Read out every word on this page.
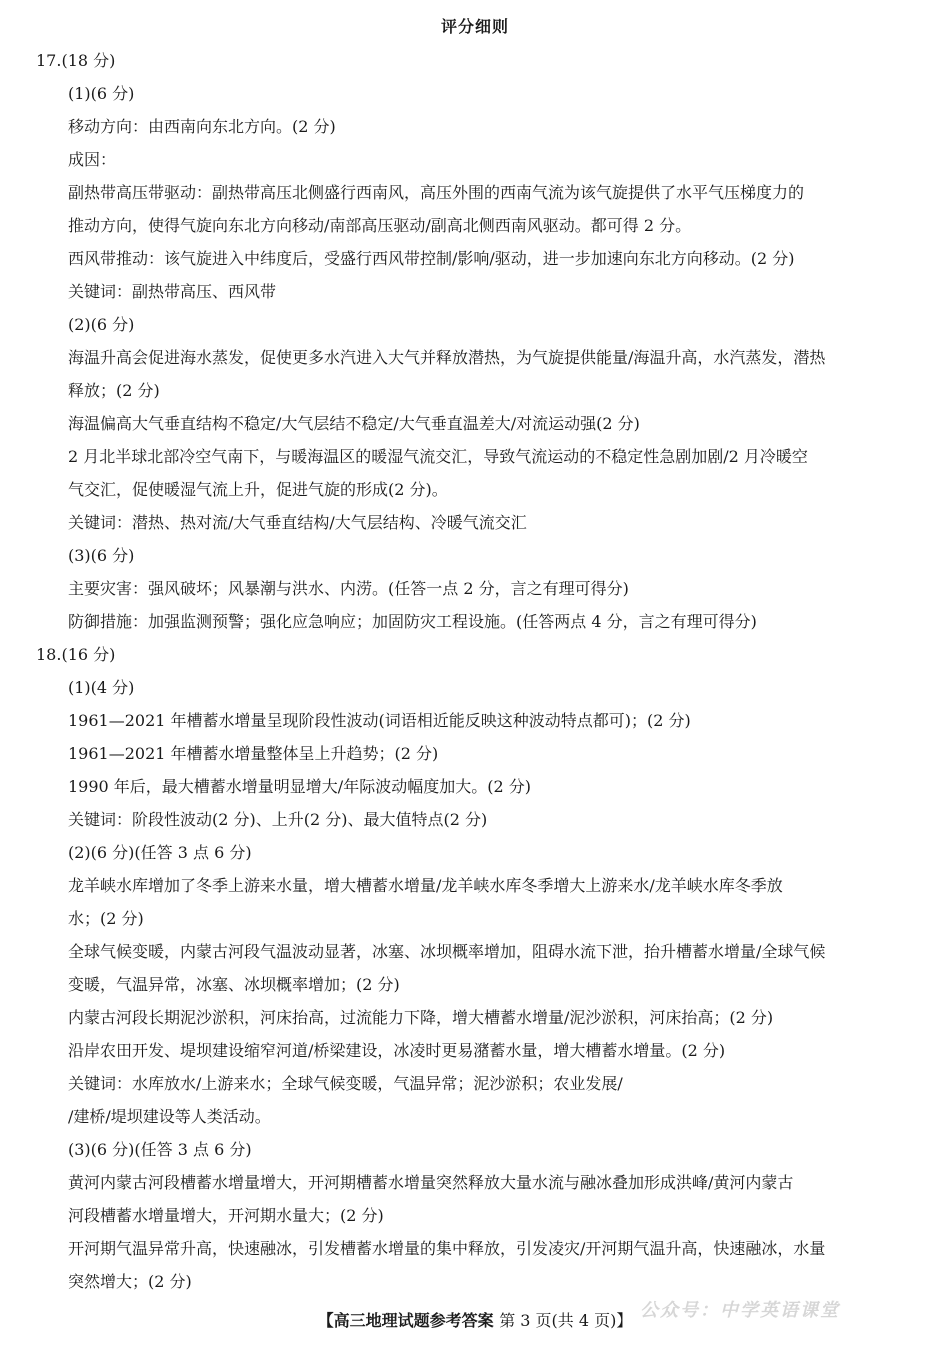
评分细则
17.(18 分)
(1)(6 分)
移动方向：由西南向东北方向。(2 分)
成因：
副热带高压带驱动：副热带高压北侧盛行西南风，高压外围的西南气流为该气旋提供了水平气压梯度力的
推动方向，使得气旋向东北方向移动/南部高压驱动/副高北侧西南风驱动。都可得 2 分。
西风带推动：该气旋进入中纬度后，受盛行西风带控制/影响/驱动，进一步加速向东北方向移动。(2 分)
关键词：副热带高压、西风带
(2)(6 分)
海温升高会促进海水蒸发，促使更多水汽进入大气并释放潜热，为气旋提供能量/海温升高，水汽蒸发，潜热
释放；(2 分)
海温偏高大气垂直结构不稳定/大气层结不稳定/大气垂直温差大/对流运动强(2 分)
2 月北半球北部冷空气南下，与暖海温区的暖湿气流交汇，导致气流运动的不稳定性急剧加剧/2 月冷暖空
气交汇，促使暖湿气流上升，促进气旋的形成(2 分)。
关键词：潜热、热对流/大气垂直结构/大气层结构、冷暖气流交汇
(3)(6 分)
主要灾害：强风破坏；风暴潮与洪水、内涝。(任答一点 2 分，言之有理可得分)
防御措施：加强监测预警；强化应急响应；加固防灾工程设施。(任答两点 4 分，言之有理可得分)
18.(16 分)
(1)(4 分)
1961—2021 年槽蓄水增量呈现阶段性波动(词语相近能反映这种波动特点都可)；(2 分)
1961—2021 年槽蓄水增量整体呈上升趋势；(2 分)
1990 年后，最大槽蓄水增量明显增大/年际波动幅度加大。(2 分)
关键词：阶段性波动(2 分)、上升(2 分)、最大值特点(2 分)
(2)(6 分)(任答 3 点 6 分)
龙羊峡水库增加了冬季上游来水量，增大槽蓄水增量/龙羊峡水库冬季增大上游来水/龙羊峡水库冬季放
水；(2 分)
全球气候变暖，内蒙古河段气温波动显著，冰塞、冰坝概率增加，阻碍水流下泄，抬升槽蓄水增量/全球气候
变暖，气温异常，冰塞、冰坝概率增加；(2 分)
内蒙古河段长期泥沙淤积，河床抬高，过流能力下降，增大槽蓄水增量/泥沙淤积，河床抬高；(2 分)
沿岸农田开发、堤坝建设缩窄河道/桥梁建设，冰凌时更易潴蓄水量，增大槽蓄水增量。(2 分)
关键词：水库放水/上游来水；全球气候变暖，气温异常；泥沙淤积；农业发展/
/建桥/堤坝建设等人类活动。
(3)(6 分)(任答 3 点 6 分)
黄河内蒙古河段槽蓄水增量增大，开河期槽蓄水增量突然释放大量水流与融冰叠加形成洪峰/黄河内蒙古
河段槽蓄水增量增大，开河期水量大；(2 分)
开河期气温异常升高，快速融冰，引发槽蓄水增量的集中释放，引发凌灾/开河期气温升高，快速融冰，水量
突然增大；(2 分)
【高三地理试题参考答案 第 3 页(共 4 页)】 公众号：中学英语课堂
